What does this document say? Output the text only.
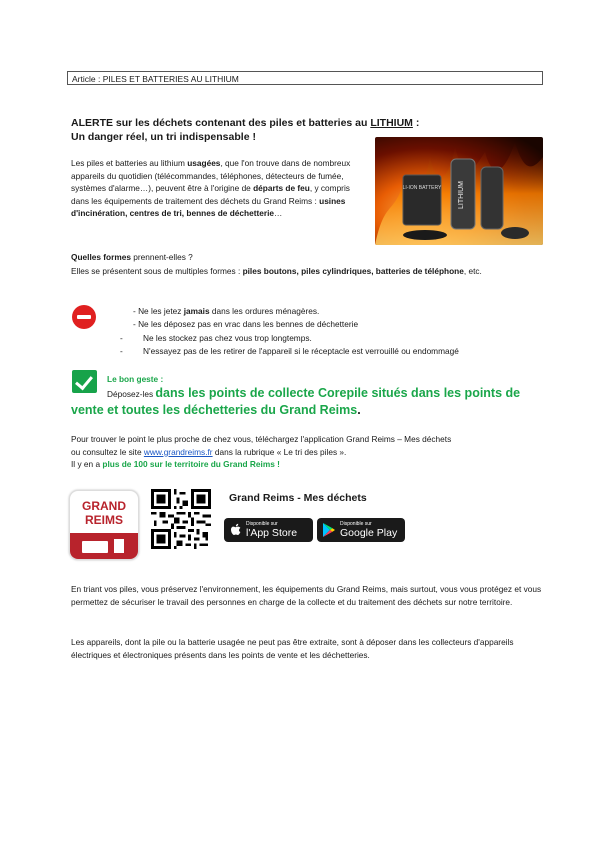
Article : PILES ET BATTERIES AU LITHIUM
ALERTE sur les déchets contenant des piles et batteries au LITHIUM :
Un danger réel, un tri indispensable !
Les piles et batteries au lithium usagées, que l'on trouve dans de nombreux appareils du quotidien (télécommandes, téléphones, détecteurs de fumée, systèmes d'alarme…), peuvent être à l'origine de départs de feu, y compris dans les équipements de traitement des déchets du Grand Reims : usines d'incinération, centres de tri, bennes de déchetterie…
LI-ION BATTERY LITHIUM
Quelles formes prennent-elles ?
Elles se présentent sous de multiples formes : piles boutons, piles cylindriques, batteries de téléphone, etc.
- Ne les jetez jamais dans les ordures ménagères.
- Ne les déposez pas en vrac dans les bennes de déchetterie
- Ne les stockez pas chez vous trop longtemps.
- N'essayez pas de les retirer de l'appareil si le réceptacle est verrouillé ou endommagé
Le bon geste :
Déposez-les dans les points de collecte Corepile situés dans les points de
vente et toutes les déchetteries du Grand Reims.
Pour trouver le point le plus proche de chez vous, téléchargez l'application Grand Reims – Mes déchets
ou consultez le site www.grandreims.fr dans la rubrique « Le tri des piles ».
Il y en a plus de 100 sur le territoire du Grand Reims !
GRAND
REIMS
Grand Reims - Mes déchets
Disponible sur
l'App Store
Disponible sur
Google Play
En triant vos piles, vous préservez l'environnement, les équipements du Grand Reims, mais surtout, vous vous protégez et vous permettez de sécuriser le travail des personnes en charge de la collecte et du traitement des déchets sur notre territoire.
Les appareils, dont la pile ou la batterie usagée ne peut pas être extraite, sont à déposer dans les collecteurs d'appareils électriques et électroniques présents dans les points de vente et les déchetteries.
